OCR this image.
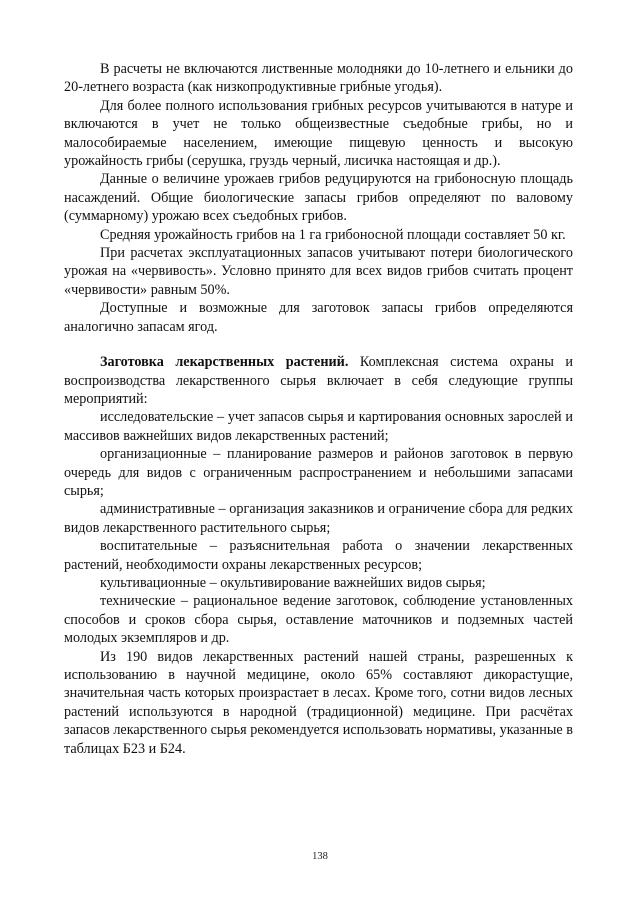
В расчеты не включаются лиственные молодняки до 10-летнего и ельники до 20-летнего возраста (как низкопродуктивные грибные угодья).

Для более полного использования грибных ресурсов учитываются в натуре и включаются в учет не только общеизвестные съедобные грибы, но и малособираемые населением, имеющие пищевую ценность и высокую урожайность грибы (серушка, груздь черный, лисичка настоящая и др.).

Данные о величине урожаев грибов редуцируются на грибоносную площадь насаждений. Общие биологические запасы грибов определяют по валовому (суммарному) урожаю всех съедобных грибов.

Средняя урожайность грибов на 1 га грибоносной площади составляет 50 кг.

При расчетах эксплуатационных запасов учитывают потери биологического урожая на «червивость». Условно принято для всех видов грибов считать процент «червивости» равным 50%.

Доступные и возможные для заготовок запасы грибов определяются аналогично запасам ягод.

Заготовка лекарственных растений. Комплексная система охраны и воспроизводства лекарственного сырья включает в себя следующие группы мероприятий:

исследовательские – учет запасов сырья и картирования основных зарослей и массивов важнейших видов лекарственных растений;

организационные – планирование размеров и районов заготовок в первую очередь для видов с ограниченным распространением и небольшими запасами сырья;

административные – организация заказников и ограничение сбора для редких видов лекарственного растительного сырья;

воспитательные – разъяснительная работа о значении лекарственных растений, необходимости охраны лекарственных ресурсов;

культивационные – окультивирование важнейших видов сырья;

технические – рациональное ведение заготовок, соблюдение установленных способов и сроков сбора сырья, оставление маточников и подземных частей молодых экземпляров и др.

Из 190 видов лекарственных растений нашей страны, разрешенных к использованию в научной медицине, около 65% составляют дикорастущие, значительная часть которых произрастает в лесах. Кроме того, сотни видов лесных растений используются в народной (традиционной) медицине. При расчётах запасов лекарственного сырья рекомендуется использовать нормативы, указанные в таблицах Б23 и Б24.

138
